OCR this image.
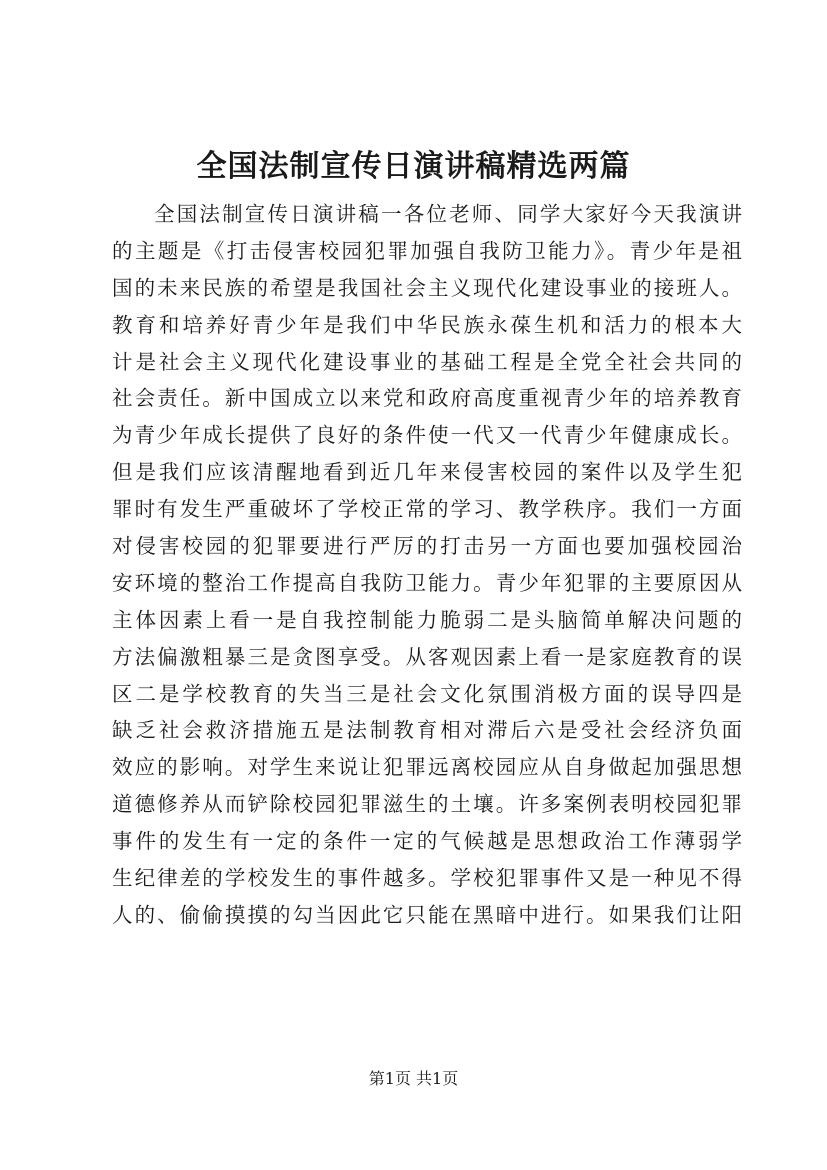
全国法制宣传日演讲稿精选两篇
全国法制宣传日演讲稿一各位老师、同学大家好今天我演讲
的主题是《打击侵害校园犯罪加强自我防卫能力》。青少年是祖
国的未来民族的希望是我国社会主义现代化建设事业的接班人。
教育和培养好青少年是我们中华民族永葆生机和活力的根本大
计是社会主义现代化建设事业的基础工程是全党全社会共同的
社会责任。新中国成立以来党和政府高度重视青少年的培养教育
为青少年成长提供了良好的条件使一代又一代青少年健康成长。
但是我们应该清醒地看到近几年来侵害校园的案件以及学生犯
罪时有发生严重破坏了学校正常的学习、教学秩序。我们一方面
对侵害校园的犯罪要进行严厉的打击另一方面也要加强校园治
安环境的整治工作提高自我防卫能力。青少年犯罪的主要原因从
主体因素上看一是自我控制能力脆弱二是头脑简单解决问题的
方法偏激粗暴三是贪图享受。从客观因素上看一是家庭教育的误
区二是学校教育的失当三是社会文化氛围消极方面的误导四是
缺乏社会救济措施五是法制教育相对滞后六是受社会经济负面
效应的影响。对学生来说让犯罪远离校园应从自身做起加强思想
道德修养从而铲除校园犯罪滋生的土壤。许多案例表明校园犯罪
事件的发生有一定的条件一定的气候越是思想政治工作薄弱学
生纪律差的学校发生的事件越多。学校犯罪事件又是一种见不得
人的、偷偷摸摸的勾当因此它只能在黑暗中进行。如果我们让阳
第1页 共1页
